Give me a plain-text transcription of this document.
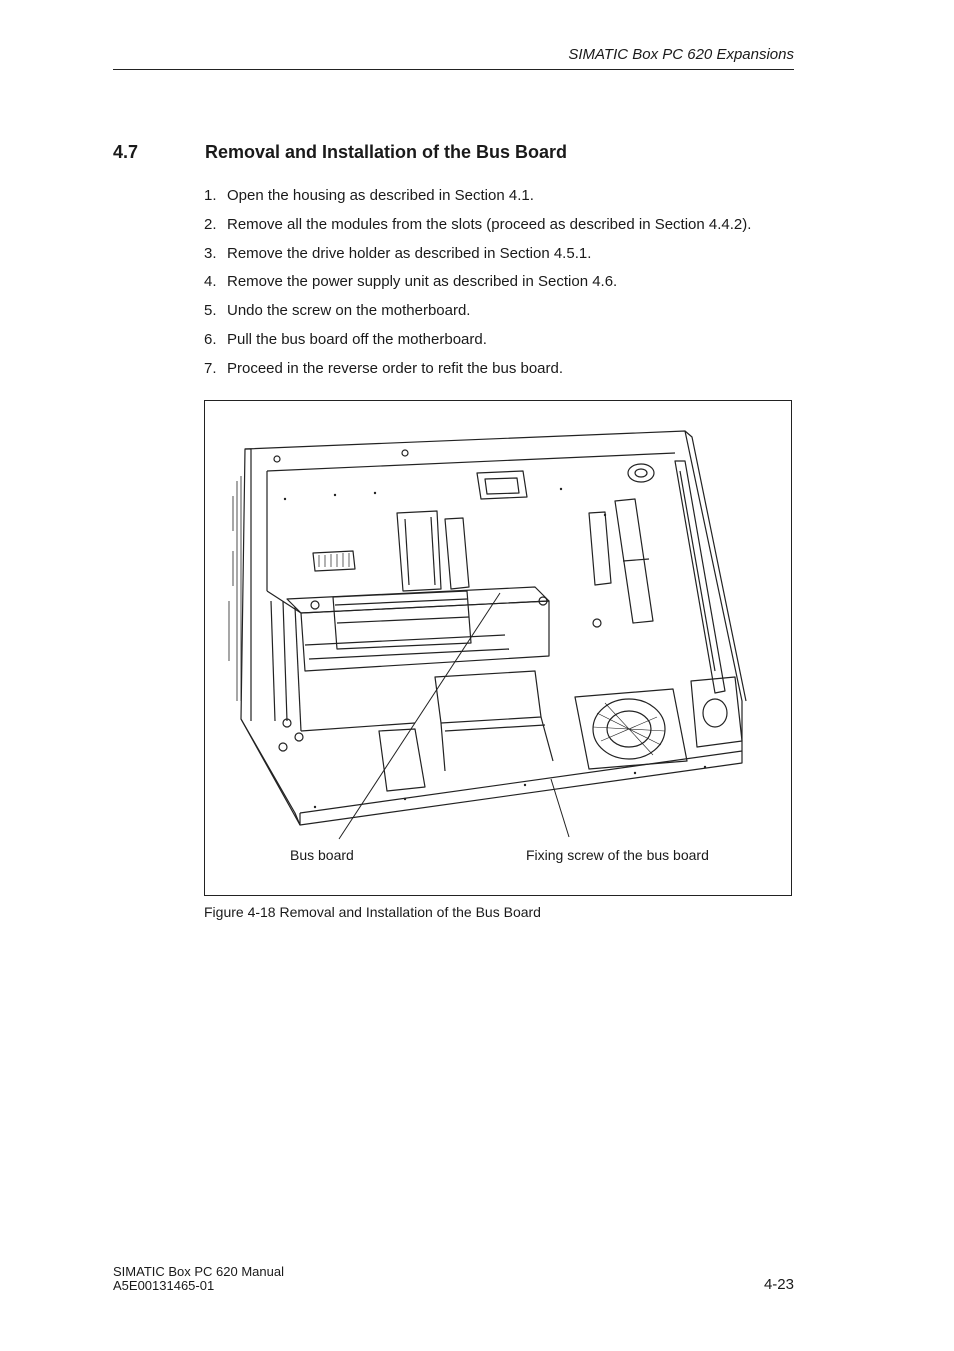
SIMATIC Box PC 620 Expansions
4.7	Removal and Installation of the Bus Board
1. Open the housing as described in Section 4.1.
2. Remove all the modules from the slots (proceed as described in Section 4.4.2).
3. Remove the drive holder as described in Section 4.5.1.
4. Remove the power supply unit as described in Section 4.6.
5. Undo the screw on the motherboard.
6. Pull the bus board off the motherboard.
7. Proceed in the reverse order to refit the bus board.
Bus board	Fixing screw of the bus board
Figure 4-18 Removal and Installation of the Bus Board
SIMATIC Box PC 620 Manual
A5E00131465-01	4-23
